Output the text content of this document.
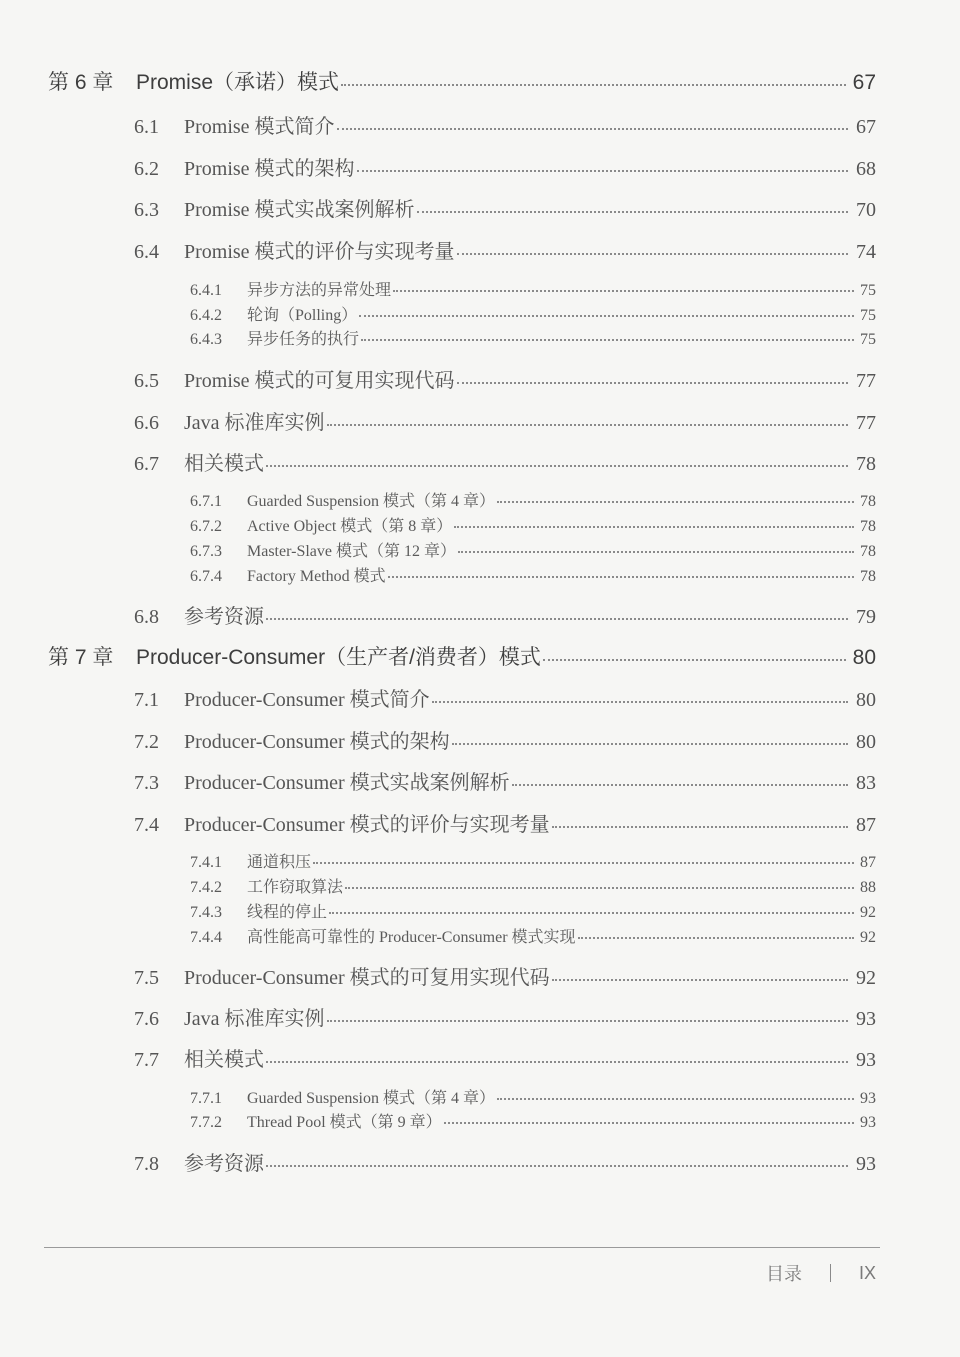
第 6 章	Promise（承诺）模式	67
6.1	Promise 模式简介	67
6.2	Promise 模式的架构	68
6.3	Promise 模式实战案例解析	70
6.4	Promise 模式的评价与实现考量	74
6.4.1	异步方法的异常处理	75
6.4.2	轮询（Polling）	75
6.4.3	异步任务的执行	75
6.5	Promise 模式的可复用实现代码	77
6.6	Java 标准库实例	77
6.7	相关模式	78
6.7.1	Guarded Suspension 模式（第 4 章）	78
6.7.2	Active Object 模式（第 8 章）	78
6.7.3	Master-Slave 模式（第 12 章）	78
6.7.4	Factory Method 模式	78
6.8	参考资源	79
第 7 章	Producer-Consumer（生产者/消费者）模式	80
7.1	Producer-Consumer 模式简介	80
7.2	Producer-Consumer 模式的架构	80
7.3	Producer-Consumer 模式实战案例解析	83
7.4	Producer-Consumer 模式的评价与实现考量	87
7.4.1	通道积压	87
7.4.2	工作窃取算法	88
7.4.3	线程的停止	92
7.4.4	高性能高可靠性的 Producer-Consumer 模式实现	92
7.5	Producer-Consumer 模式的可复用实现代码	92
7.6	Java 标准库实例	93
7.7	相关模式	93
7.7.1	Guarded Suspension 模式（第 4 章）	93
7.7.2	Thread Pool 模式（第 9 章）	93
7.8	参考资源	93
目录	IX
